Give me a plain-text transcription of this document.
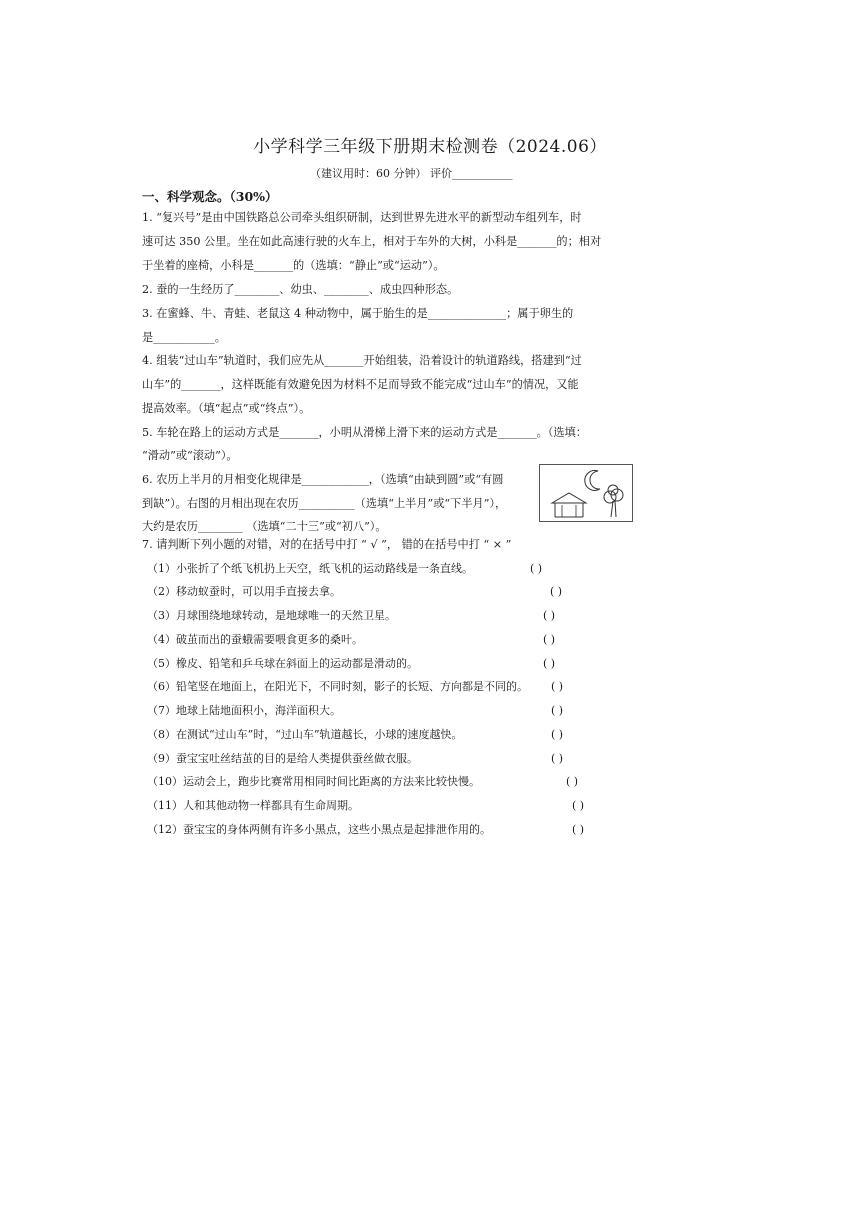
小学科学三年级下册期末检测卷（2024.06）
（建议用时：60 分钟） 评价___________
一、科学观念。（30%）
1. “复兴号”是由中国铁路总公司牵头组织研制，达到世界先进水平的新型动车组列车，时
速可达 350 公里。坐在如此高速行驶的火车上，相对于车外的大树，小科是_______的；相对
于坐着的座椅，小科是_______的（选填：“静止”或“运动”）。
2. 蚕的一生经历了________、幼虫、________、成虫四种形态。
3. 在蜜蜂、牛、青蛙、老鼠这 4 种动物中，属于胎生的是______________；属于卵生的
是___________。
4. 组装“过山车”轨道时，我们应先从_______开始组装，沿着设计的轨道路线，搭建到“过
山车”的_______，这样既能有效避免因为材料不足而导致不能完成“过山车”的情况，又能
提高效率。（填“起点”或“终点”）。
5. 车轮在路上的运动方式是_______，小明从滑梯上滑下来的运动方式是_______。（选填：
“滑动”或“滚动”）。
6. 农历上半月的月相变化规律是____________，（选填“由缺到圆”或“有圆
到缺”）。右图的月相出现在农历__________（选填“上半月”或“下半月”），
大约是农历________ （选填“二十三”或“初八”）。
7. 请判断下列小题的对错，对的在括号中打 “ √ ”， 错的在括号中打 “ × ”
（1）小张折了个纸飞机扔上天空，纸飞机的运动路线是一条直线。	( )
（2）移动蚁蚕时，可以用手直接去拿。	( )
（3）月球围绕地球转动，是地球唯一的天然卫星。	( )
（4）破茧而出的蚕蛾需要喂食更多的桑叶。	( )
（5）橡皮、铅笔和乒乓球在斜面上的运动都是滑动的。	( )
（6）铅笔竖在地面上，在阳光下，不同时刻，影子的长短、方向都是不同的。 ( )
（7）地球上陆地面积小，海洋面积大。	( )
（8）在测试“过山车”时，“过山车”轨道越长，小球的速度越快。	( )
（9）蚕宝宝吐丝结茧的目的是给人类提供蚕丝做衣服。	( )
（10）运动会上，跑步比赛常用相同时间比距离的方法来比较快慢。	( )
（11）人和其他动物一样都具有生命周期。	( )
（12）蚕宝宝的身体两侧有许多小黑点，这些小黑点是起排泄作用的。	( )
